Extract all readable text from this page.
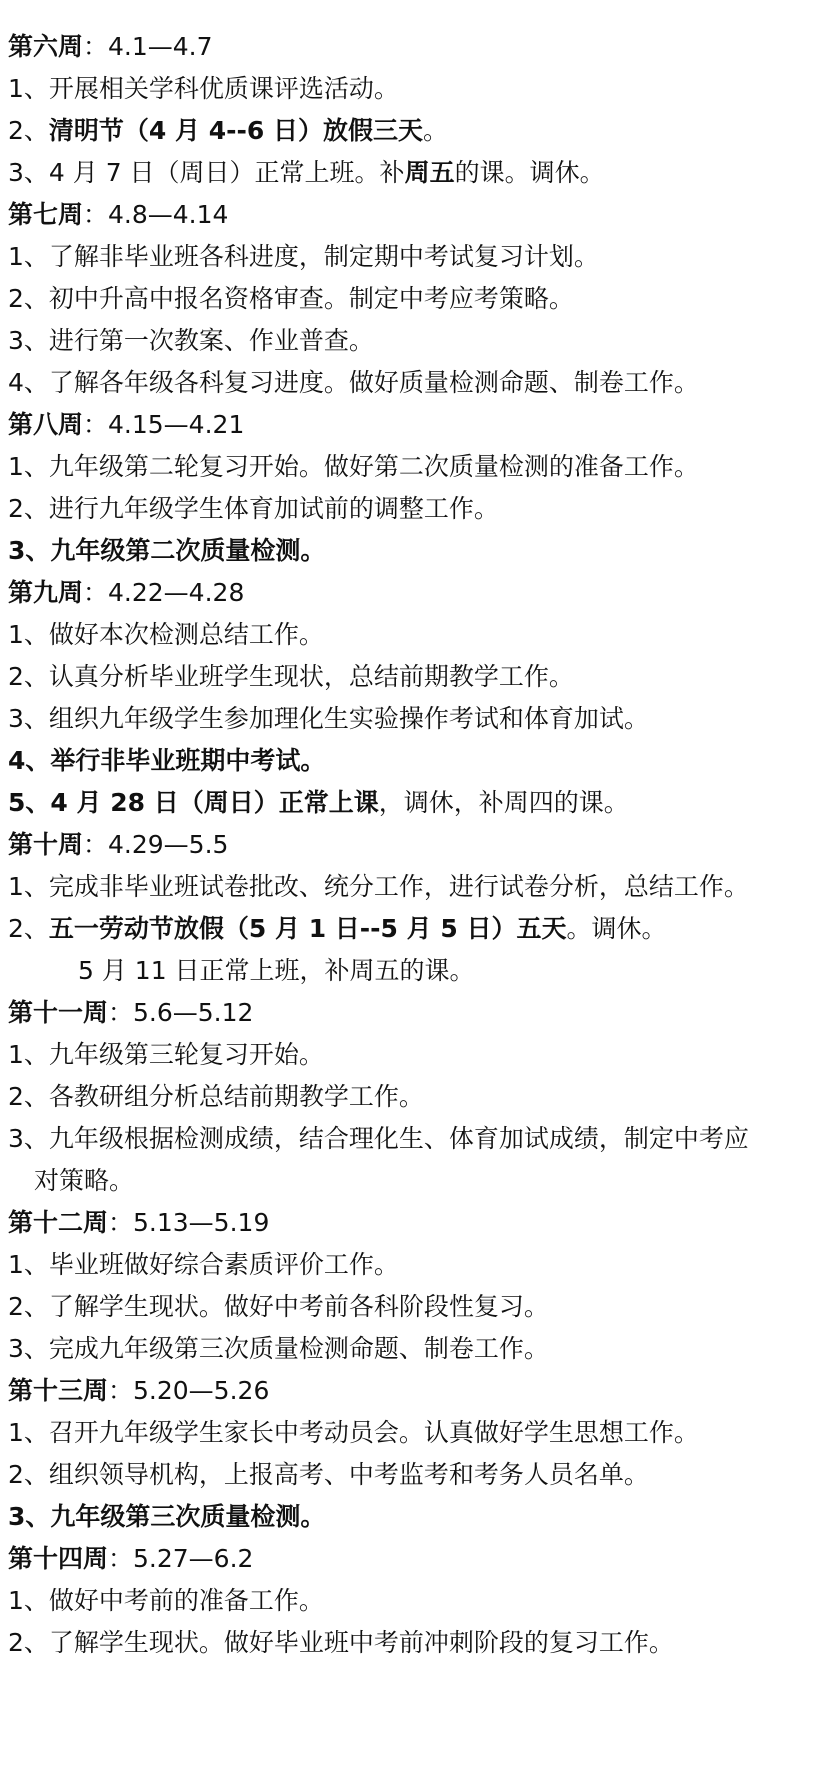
第六周：4.1—4.7
1、开展相关学科优质课评选活动。
2、清明节（4 月 4--6 日）放假三天。
3、4 月 7 日（周日）正常上班。补周五的课。调休。
第七周：4.8—4.14
1、了解非毕业班各科进度，制定期中考试复习计划。
2、初中升高中报名资格审查。制定中考应考策略。
3、进行第一次教案、作业普查。
4、了解各年级各科复习进度。做好质量检测命题、制卷工作。
第八周：4.15—4.21
1、九年级第二轮复习开始。做好第二次质量检测的准备工作。
2、进行九年级学生体育加试前的调整工作。
3、九年级第二次质量检测。
第九周：4.22—4.28
1、做好本次检测总结工作。
2、认真分析毕业班学生现状，总结前期教学工作。
3、组织九年级学生参加理化生实验操作考试和体育加试。
4、举行非毕业班期中考试。
5、4 月 28 日（周日）正常上课，调休，补周四的课。
第十周：4.29—5.5
1、完成非毕业班试卷批改、统分工作，进行试卷分析，总结工作。
2、五一劳动节放假（5 月 1 日--5 月 5 日）五天。调休。
5 月 11 日正常上班，补周五的课。
第十一周：5.6—5.12
1、九年级第三轮复习开始。
2、各教研组分析总结前期教学工作。
3、九年级根据检测成绩，结合理化生、体育加试成绩，制定中考应
对策略。
第十二周：5.13—5.19
1、毕业班做好综合素质评价工作。
2、了解学生现状。做好中考前各科阶段性复习。
3、完成九年级第三次质量检测命题、制卷工作。
第十三周：5.20—5.26
1、召开九年级学生家长中考动员会。认真做好学生思想工作。
2、组织领导机构，上报高考、中考监考和考务人员名单。
3、九年级第三次质量检测。
第十四周：5.27—6.2
1、做好中考前的准备工作。
2、了解学生现状。做好毕业班中考前冲刺阶段的复习工作。
